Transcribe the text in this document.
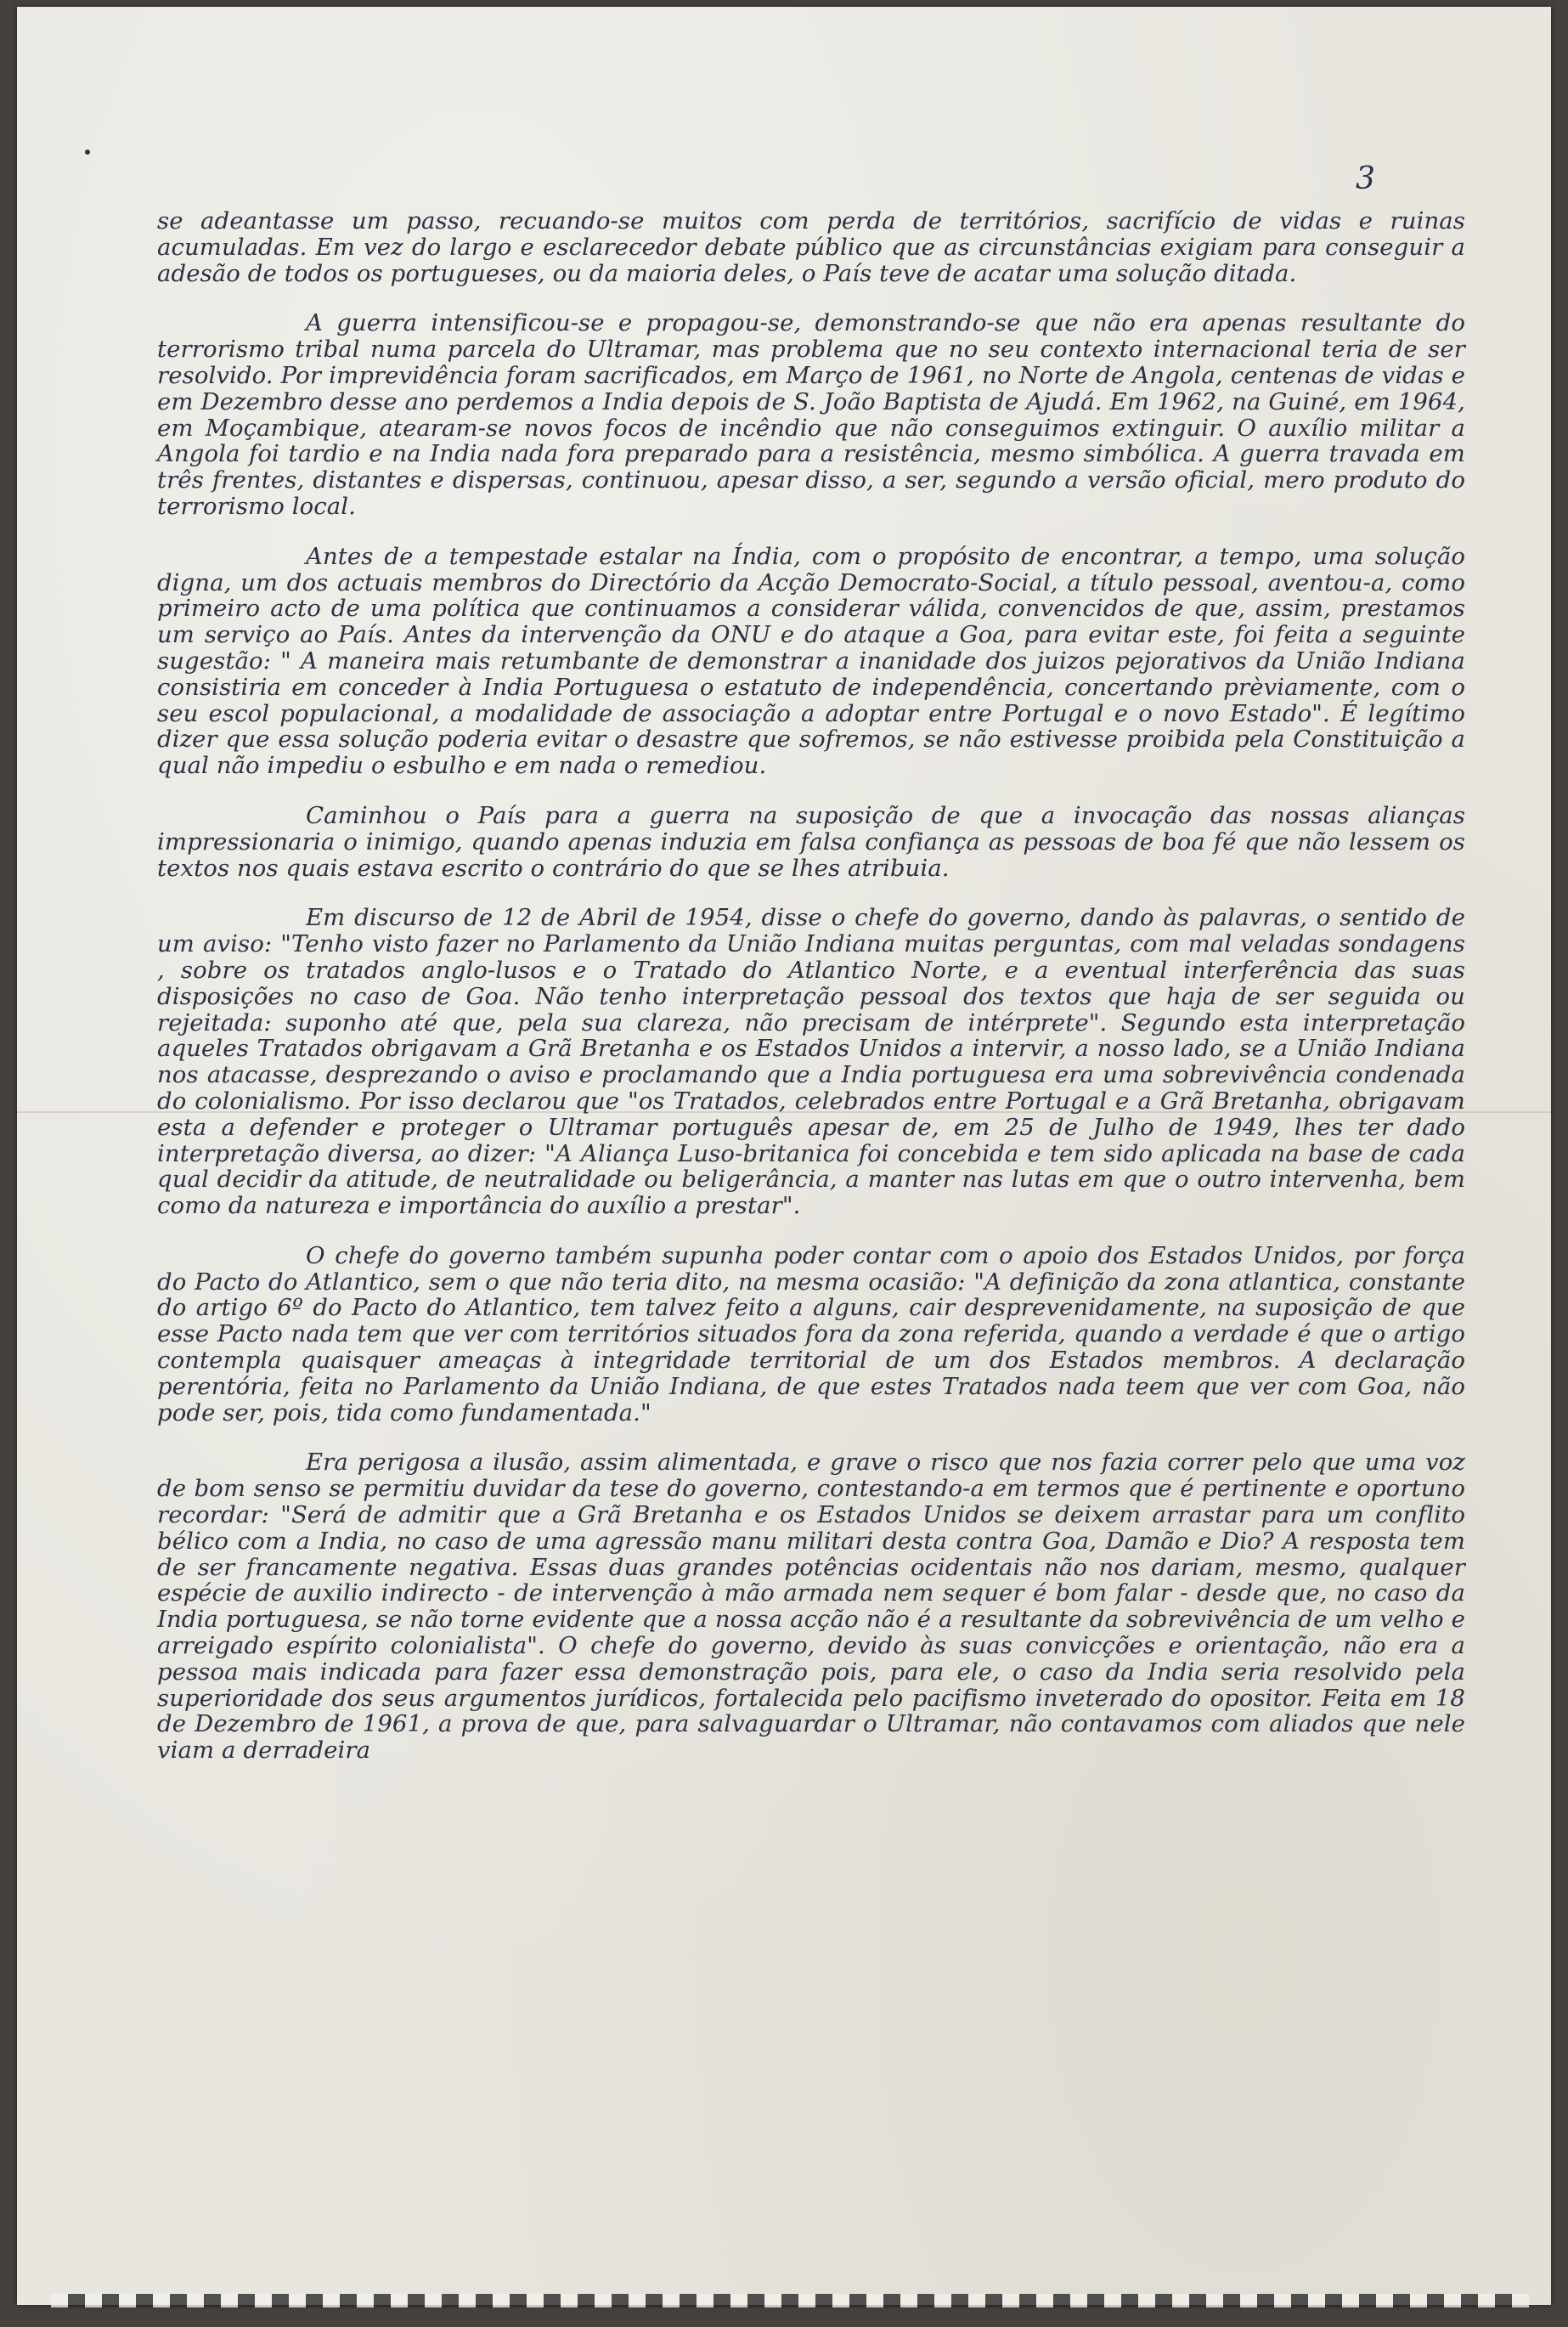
3

se adeantasse um passo, recuando-se muitos com perda de territórios, sacrifício de vidas e ruinas acumuladas. Em vez do largo e esclarecedor debate público que as circunstâncias exigiam para conseguir a adesão de todos os portugueses, ou da maioria deles, o País teve de acatar uma solução ditada.

A guerra intensificou-se e propagou-se, demonstrando-se que não era apenas resultante do terrorismo tribal numa parcela do Ultramar, mas problema que no seu contexto internacional teria de ser resolvido. Por imprevidência foram sacrificados, em Março de 1961, no Norte de Angola, centenas de vidas e em Dezembro desse ano perdemos a India depois de S. João Baptista de Ajudá. Em 1962, na Guiné, em 1964, em Moçambique, atearam-se novos focos de incêndio que não conseguimos extinguir. O auxílio militar a Angola foi tardio e na India nada fora preparado para a resistência, mesmo simbólica. A guerra travada em três frentes, distantes e dispersas, continuou, apesar disso, a ser, segundo a versão oficial, mero produto do terrorismo local.

Antes de a tempestade estalar na Índia, com o propósito de encontrar, a tempo, uma solução digna, um dos actuais membros do Directório da Acção Democrato-Social, a título pessoal, aventou-a, como primeiro acto de uma política que continuamos a considerar válida, convencidos de que, assim, prestamos um serviço ao País. Antes da intervenção da ONU e do ataque a Goa, para evitar este, foi feita a seguinte sugestão: " A maneira mais retumbante de demonstrar a inanidade dos juizos pejorativos da União Indiana consistiria em conceder à India Portuguesa o estatuto de independência, concertando prèviamente, com o seu escol populacional, a modalidade de associação a adoptar entre Portugal e o novo Estado". É legítimo dizer que essa solução poderia evitar o desastre que sofremos, se não estivesse proibida pela Constituição a qual não impediu o esbulho e em nada o remediou.

Caminhou o País para a guerra na suposição de que a invocação das nossas alianças impressionaria o inimigo, quando apenas induzia em falsa confiança as pessoas de boa fé que não lessem os textos nos quais estava escrito o contrário do que se lhes atribuia.

Em discurso de 12 de Abril de 1954, disse o chefe do governo, dando às palavras, o sentido de um aviso: "Tenho visto fazer no Parlamento da União Indiana muitas perguntas, com mal veladas sondagens , sobre os tratados anglo-lusos e o Tratado do Atlantico Norte, e a eventual interferência das suas disposições no caso de Goa. Não tenho interpretação pessoal dos textos que haja de ser seguida ou rejeitada: suponho até que, pela sua clareza, não precisam de intérprete". Segundo esta interpretação aqueles Tratados obrigavam a Grã Bretanha e os Estados Unidos a intervir, a nosso lado, se a União Indiana nos atacasse, desprezando o aviso e proclamando que a India portuguesa era uma sobrevivência condenada do colonialismo. Por isso declarou que "os Tratados, celebrados entre Portugal e a Grã Bretanha, obrigavam esta a defender e proteger o Ultramar português apesar de, em 25 de Julho de 1949, lhes ter dado interpretação diversa, ao dizer: "A Aliança Luso-britanica foi concebida e tem sido aplicada na base de cada qual decidir da atitude, de neutralidade ou beligerância, a manter nas lutas em que o outro intervenha, bem como da natureza e importância do auxílio a prestar".

O chefe do governo também supunha poder contar com o apoio dos Estados Unidos, por força do Pacto do Atlantico, sem o que não teria dito, na mesma ocasião: "A definição da zona atlantica, constante do artigo 6º do Pacto do Atlantico, tem talvez feito a alguns, cair desprevenidamente, na suposição de que esse Pacto nada tem que ver com territórios situados fora da zona referida, quando a verdade é que o artigo contempla quaisquer ameaças à integridade territorial de um dos Estados membros. A declaração perentória, feita no Parlamento da União Indiana, de que estes Tratados nada teem que ver com Goa, não pode ser, pois, tida como fundamentada."

Era perigosa a ilusão, assim alimentada, e grave o risco que nos fazia correr pelo que uma voz de bom senso se permitiu duvidar da tese do governo, contestando-a em termos que é pertinente e oportuno recordar: "Será de admitir que a Grã Bretanha e os Estados Unidos se deixem arrastar para um conflito bélico com a India, no caso de uma agressão manu militari desta contra Goa, Damão e Dio? A resposta tem de ser francamente negativa. Essas duas grandes potências ocidentais não nos dariam, mesmo, qualquer espécie de auxilio indirecto - de intervenção à mão armada nem sequer é bom falar - desde que, no caso da India portuguesa, se não torne evidente que a nossa acção não é a resultante da sobrevivência de um velho e arreigado espírito colonialista". O chefe do governo, devido às suas convicções e orientação, não era a pessoa mais indicada para fazer essa demonstração pois, para ele, o caso da India seria resolvido pela superioridade dos seus argumentos jurídicos, fortalecida pelo pacifismo inveterado do opositor. Feita em 18 de Dezembro de 1961, a prova de que, para salvaguardar o Ultramar, não contavamos com aliados que nele viam a derradeira
